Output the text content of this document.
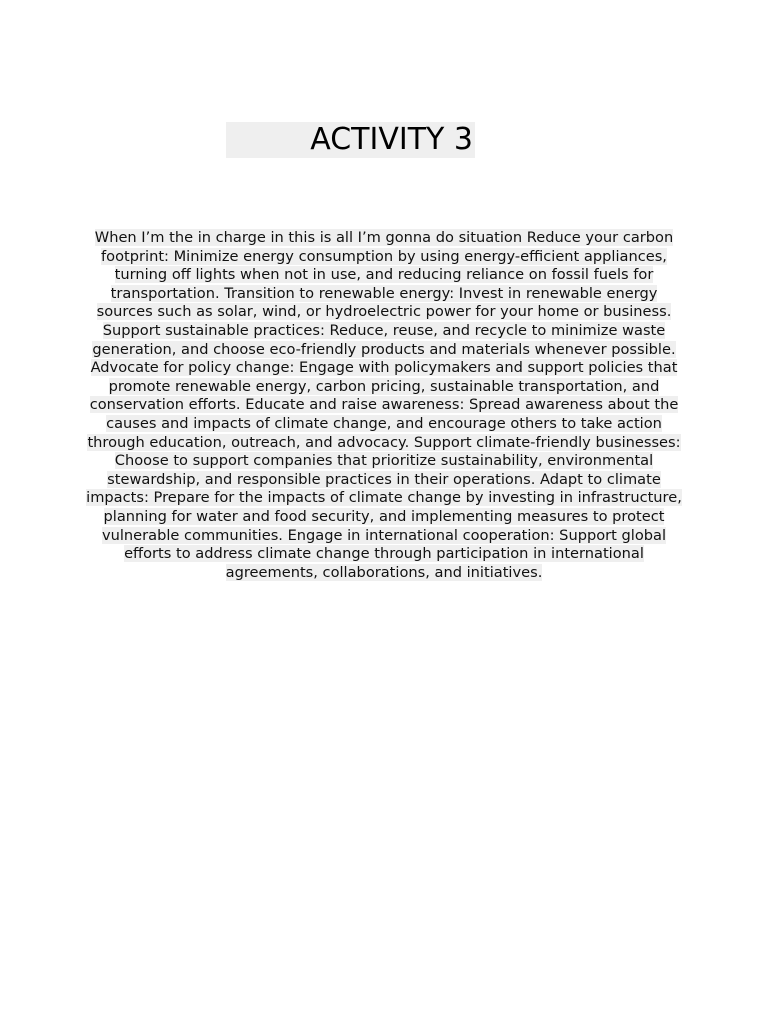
ACTIVITY 3

When I’m the in charge in this is all I’m gonna do situation Reduce your carbon footprint: Minimize energy consumption by using energy-efficient appliances, turning off lights when not in use, and reducing reliance on fossil fuels for transportation. Transition to renewable energy: Invest in renewable energy sources such as solar, wind, or hydroelectric power for your home or business. Support sustainable practices: Reduce, reuse, and recycle to minimize waste generation, and choose eco-friendly products and materials whenever possible. Advocate for policy change: Engage with policymakers and support policies that promote renewable energy, carbon pricing, sustainable transportation, and conservation efforts. Educate and raise awareness: Spread awareness about the causes and impacts of climate change, and encourage others to take action through education, outreach, and advocacy. Support climate-friendly businesses: Choose to support companies that prioritize sustainability, environmental stewardship, and responsible practices in their operations. Adapt to climate impacts: Prepare for the impacts of climate change by investing in infrastructure, planning for water and food security, and implementing measures to protect vulnerable communities. Engage in international cooperation: Support global efforts to address climate change through participation in international agreements, collaborations, and initiatives.
